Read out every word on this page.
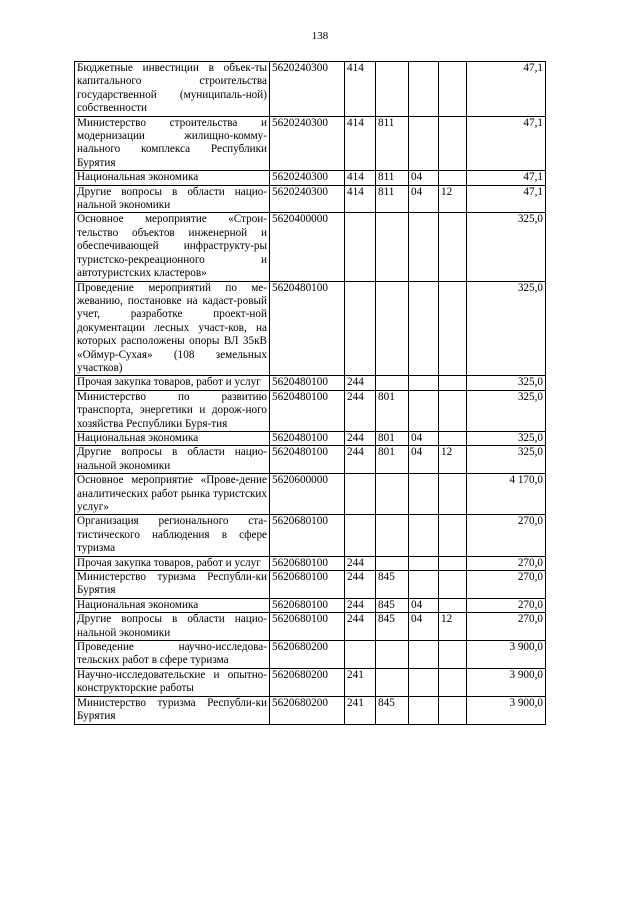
138
Бюджетные инвестиции в объек-ты капитального строительства государственной (муниципаль-ной) собственности	5620240300	414				47,1
Министерство строительства и модернизации жилищно-комму-нального комплекса Республики Бурятия	5620240300	414	811			47,1
Национальная экономика	5620240300	414	811	04		47,1
Другие вопросы в области нацио-нальной экономики	5620240300	414	811	04	12	47,1
Основное мероприятие «Строи-тельство объектов инженерной и обеспечивающей инфраструкту-ры туристско-рекреационного и автотуристских кластеров»	5620400000					325,0
Проведение мероприятий по ме-жеванию, постановке на кадаст-ровый учет, разработке проект-ной документации лесных участ-ков, на которых расположены опоры ВЛ 35кВ «Оймур-Сухая» (108 земельных участков)	5620480100					325,0
Прочая закупка товаров, работ и услуг	5620480100	244				325,0
Министерство по развитию транспорта, энергетики и дорож-ного хозяйства Республики Буря-тия	5620480100	244	801			325,0
Национальная экономика	5620480100	244	801	04		325,0
Другие вопросы в области нацио-нальной экономики	5620480100	244	801	04	12	325,0
Основное мероприятие «Прове-дение аналитических работ рынка туристских услуг»	5620600000					4 170,0
Организация регионального ста-тистического наблюдения в сфере туризма	5620680100					270,0
Прочая закупка товаров, работ и услуг	5620680100	244				270,0
Министерство туризма Республи-ки Бурятия	5620680100	244	845			270,0
Национальная экономика	5620680100	244	845	04		270,0
Другие вопросы в области нацио-нальной экономики	5620680100	244	845	04	12	270,0
Проведение научно-исследова-тельских работ в сфере туризма	5620680200					3 900,0
Научно-исследовательские и опытно-конструкторские работы	5620680200	241				3 900,0
Министерство туризма Республи-ки Бурятия	5620680200	241	845			3 900,0
